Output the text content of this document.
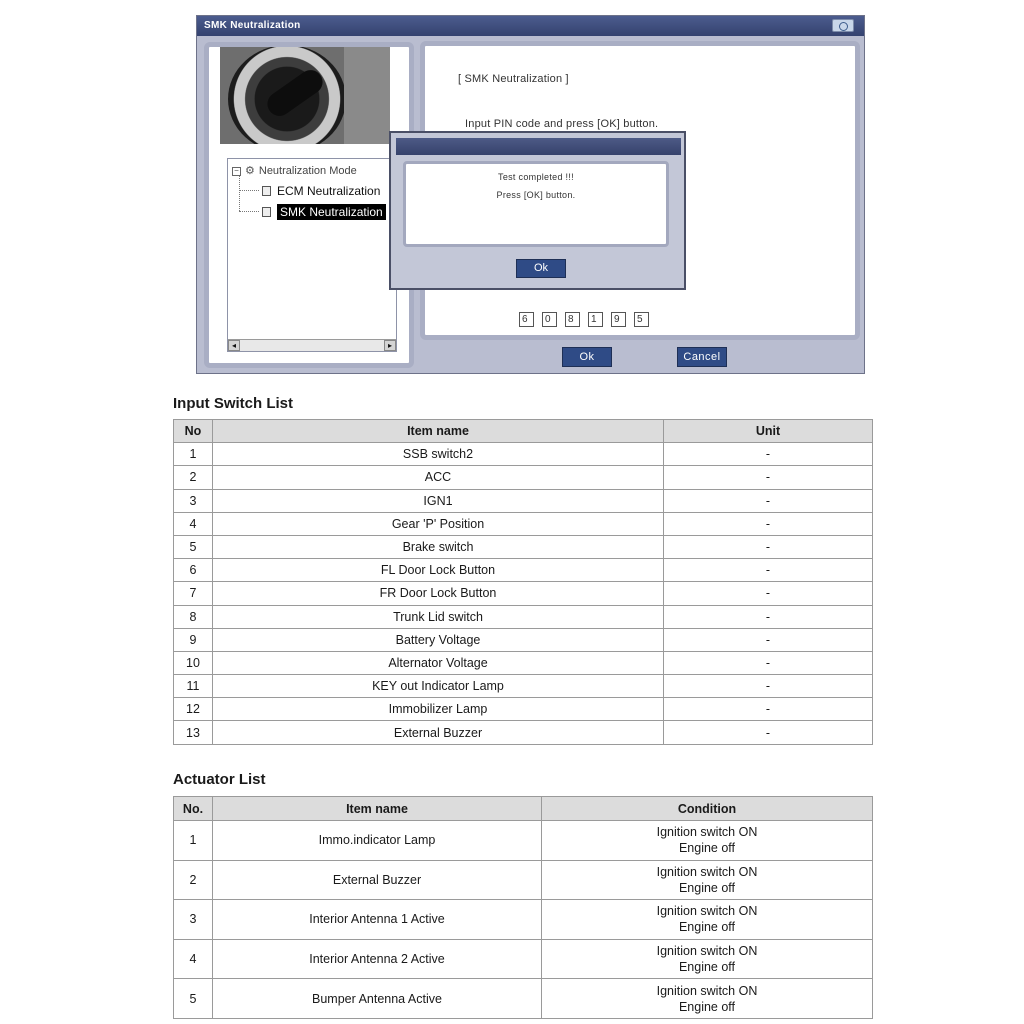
SMK Neutralization
− ⚙ Neutralization Mode
ECM Neutralization
SMK Neutralization
◂	▸
[ SMK Neutralization ]
Input PIN code and press [OK] button.
6 0 8 1 9 5
Ok	Cancel
Test completed !!!
Press [OK] button.
Ok
Input Switch List
No	Item name	Unit
1	SSB switch2	-
2	ACC	-
3	IGN1	-
4	Gear 'P' Position	-
5	Brake switch	-
6	FL Door Lock Button	-
7	FR Door Lock Button	-
8	Trunk Lid switch	-
9	Battery Voltage	-
10	Alternator Voltage	-
11	KEY out Indicator Lamp	-
12	Immobilizer Lamp	-
13	External Buzzer	-
Actuator List
No.	Item name	Condition
1	Immo.indicator Lamp	Ignition switch ON
Engine off

2	External Buzzer	Ignition switch ON
Engine off

3	Interior Antenna 1 Active	Ignition switch ON
Engine off

4	Interior Antenna 2 Active	Ignition switch ON
Engine off

5	Bumper Antenna Active	Ignition switch ON
Engine off
